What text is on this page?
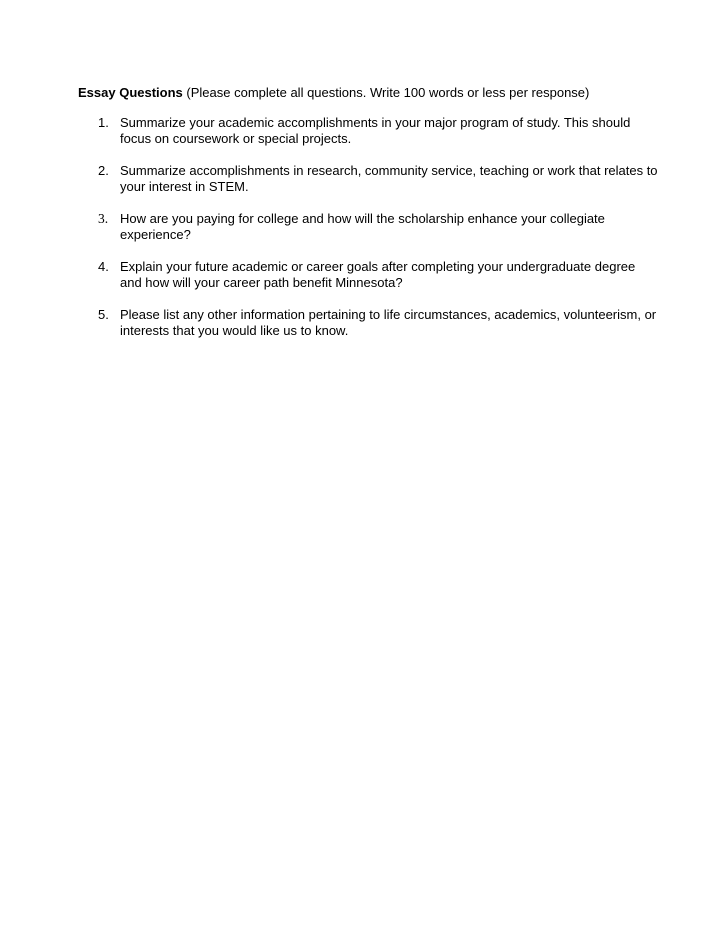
Essay Questions (Please complete all questions. Write 100 words or less per response)
1. Summarize your academic accomplishments in your major program of study. This should focus on coursework or special projects.
2. Summarize accomplishments in research, community service, teaching or work that relates to your interest in STEM.
3. How are you paying for college and how will the scholarship enhance your collegiate experience?
4. Explain your future academic or career goals after completing your undergraduate degree and how will your career path benefit Minnesota?
5. Please list any other information pertaining to life circumstances, academics, volunteerism, or interests that you would like us to know.
